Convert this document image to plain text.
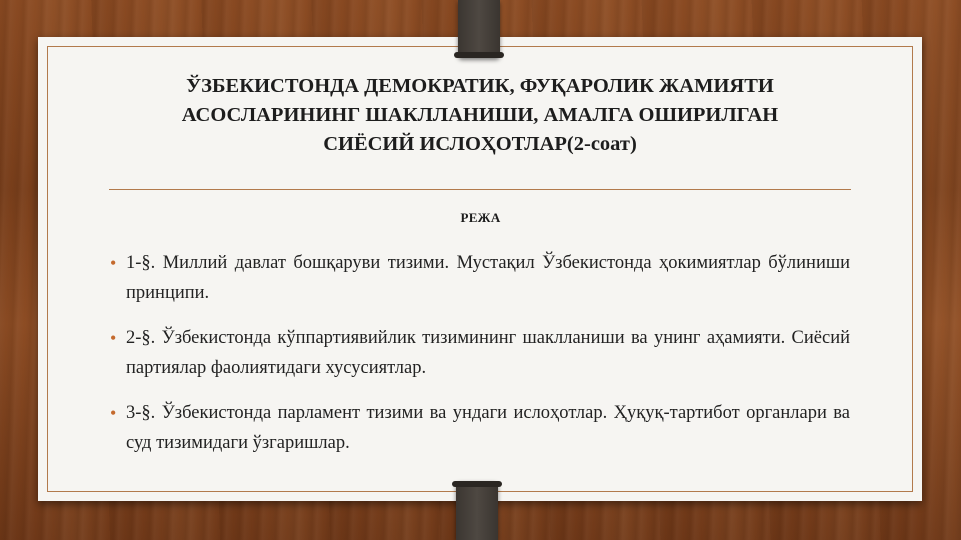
ЎЗБЕКИСТОНДА ДЕМОКРАТИК, ФУҚАРОЛИК ЖАМИЯТИ
АСОСЛАРИНИНГ ШАКЛЛАНИШИ, АМАЛГА ОШИРИЛГАН
СИЁСИЙ ИСЛОҲОТЛАР(2-соат)
РЕЖА
• 1-§. Миллий давлат бошқаруви тизими. Мустақил Ўзбекистонда ҳокимиятлар бўлиниши принципи.
• 2-§. Ўзбекистонда кўппартиявийлик тизимининг шаклланиши ва унинг аҳамияти. Сиёсий партиялар фаолиятидаги хусусиятлар.
• 3-§. Ўзбекистонда парламент тизими ва ундаги ислоҳотлар. Ҳуқуқ-тартибот органлари ва суд тизимидаги ўзгаришлар.
